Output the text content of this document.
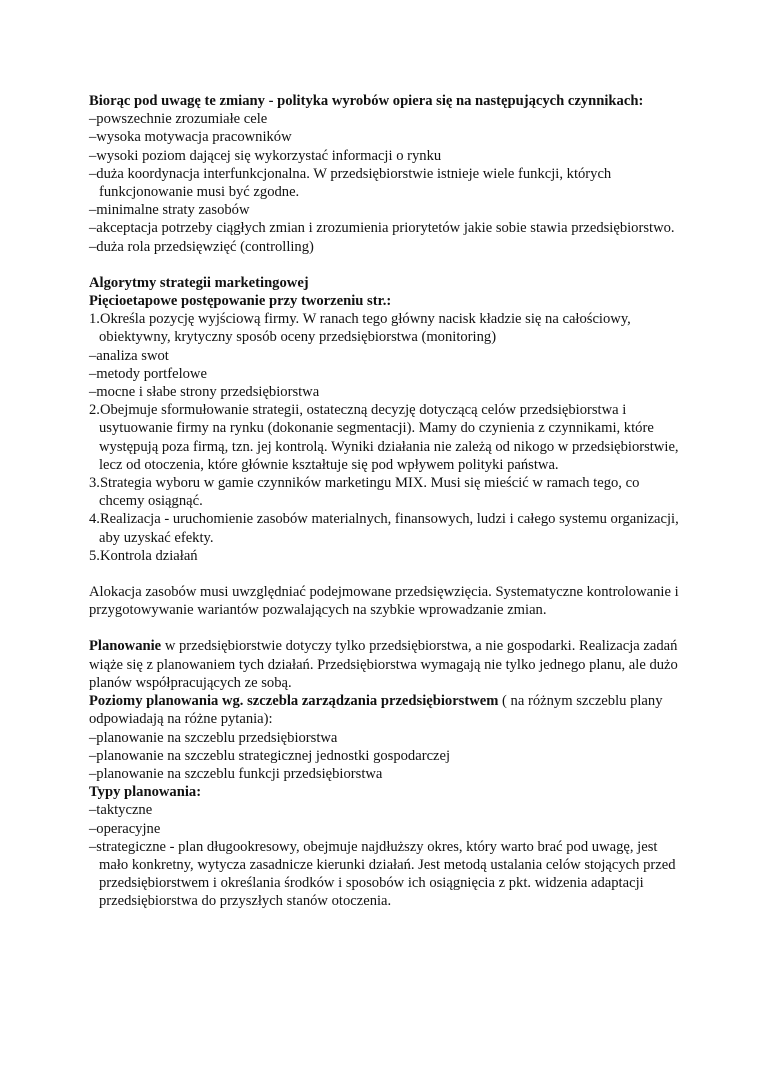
Biorąc pod uwagę te zmiany - polityka wyrobów opiera się na następujących czynnikach:

–powszechnie zrozumiałe cele

–wysoka motywacja pracowników

–wysoki poziom dającej się wykorzystać informacji o rynku

–duża koordynacja interfunkcjonalna. W przedsiębiorstwie istnieje wiele funkcji, których funkcjonowanie musi być zgodne.

–minimalne straty zasobów

–akceptacja potrzeby ciągłych zmian i zrozumienia priorytetów jakie sobie stawia przedsiębiorstwo.

–duża rola przedsięwzięć (controlling)

Algorytmy strategii marketingowej

Pięcioetapowe postępowanie przy tworzeniu str.:

1.Określa pozycję wyjściową firmy. W ranach tego główny nacisk kładzie się na całościowy, obiektywny, krytyczny sposób oceny przedsiębiorstwa (monitoring)

–analiza swot

–metody portfelowe

–mocne i słabe strony przedsiębiorstwa

2.Obejmuje sformułowanie strategii, ostateczną decyzję dotyczącą celów przedsiębiorstwa i usytuowanie firmy na rynku (dokonanie segmentacji). Mamy do czynienia z czynnikami, które występują poza firmą, tzn. jej kontrolą. Wyniki działania nie zależą od nikogo w przedsiębiorstwie, lecz od otoczenia, które głównie kształtuje się pod wpływem polityki państwa.

3.Strategia wyboru w gamie czynników marketingu MIX. Musi się mieścić w ramach tego, co chcemy osiągnąć.

4.Realizacja - uruchomienie zasobów materialnych, finansowych, ludzi i całego systemu organizacji, aby uzyskać efekty.

5.Kontrola działań

Alokacja zasobów musi uwzględniać podejmowane przedsięwzięcia. Systematyczne kontrolowanie i przygotowywanie wariantów pozwalających na szybkie wprowadzanie zmian.

Planowanie w przedsiębiorstwie dotyczy tylko przedsiębiorstwa, a nie gospodarki. Realizacja zadań wiąże się z planowaniem tych działań. Przedsiębiorstwa wymagają nie tylko jednego planu, ale dużo planów współpracujących ze sobą.

Poziomy planowania wg. szczebla zarządzania przedsiębiorstwem ( na różnym szczeblu plany odpowiadają na różne pytania):

–planowanie na szczeblu przedsiębiorstwa

–planowanie na szczeblu strategicznej jednostki gospodarczej

–planowanie na szczeblu funkcji przedsiębiorstwa

Typy planowania:

–taktyczne

–operacyjne

–strategiczne - plan długookresowy, obejmuje najdłuższy okres, który warto brać pod uwagę, jest mało konkretny, wytycza zasadnicze kierunki działań. Jest metodą ustalania celów stojących przed przedsiębiorstwem i określania środków i sposobów ich osiągnięcia z pkt. widzenia adaptacji przedsiębiorstwa do przyszłych stanów otoczenia.
